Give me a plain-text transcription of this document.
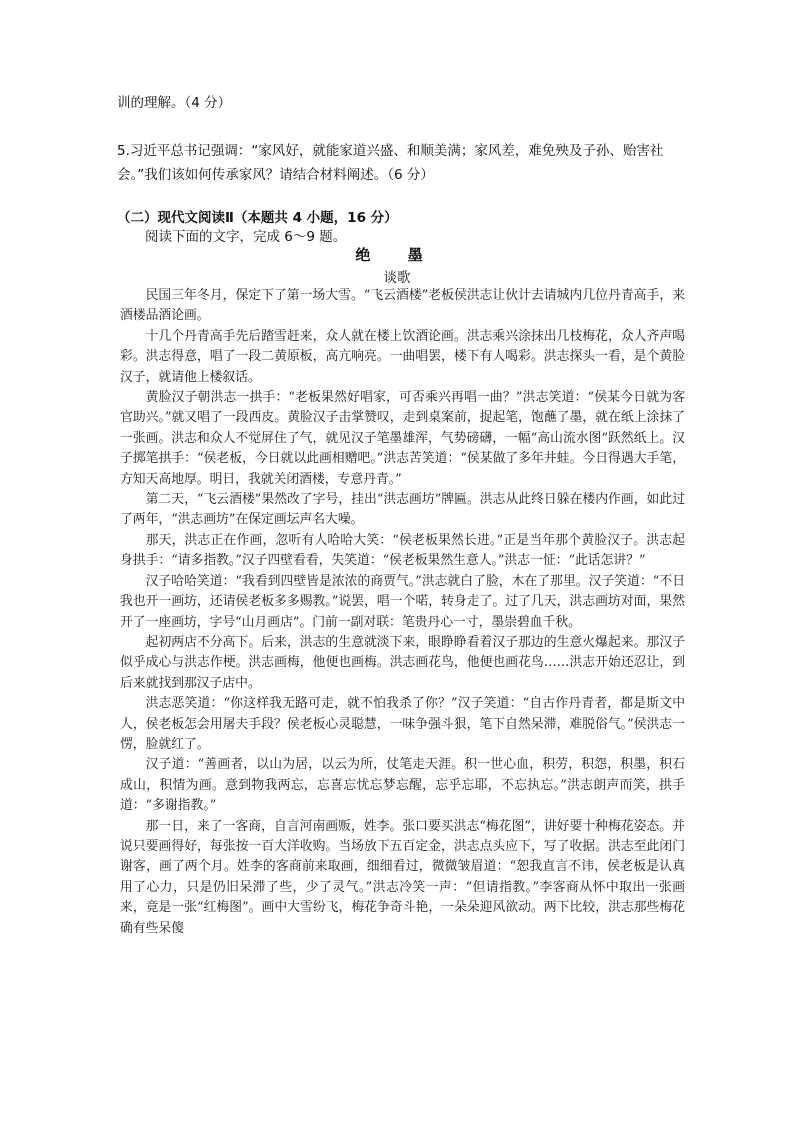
训的理解。（4 分）

5.习近平总书记强调：“家风好，就能家道兴盛、和顺美满；家风差，难免殃及子孙、贻害社会。”我们该如何传承家风？请结合材料阐述。（6 分）

（二）现代文阅读Ⅱ（本题共 4 小题，16 分）

阅读下面的文字，完成 6～9 题。

绝 墨

谈歌

民国三年冬月，保定下了第一场大雪。“飞云酒楼”老板侯洪志让伙计去请城内几位丹青高手，来酒楼品酒论画。

十几个丹青高手先后踏雪赶来，众人就在楼上饮酒论画。洪志乘兴涂抹出几枝梅花，众人齐声喝彩。洪志得意，唱了一段二黄原板，高亢响亮。一曲唱罢，楼下有人喝彩。洪志探头一看，是个黄脸汉子，就请他上楼叙话。

黄脸汉子朝洪志一拱手：“老板果然好唱家，可否乘兴再唱一曲？”洪志笑道：“侯某今日就为客官助兴。”就又唱了一段西皮。黄脸汉子击掌赞叹，走到桌案前，捉起笔，饱蘸了墨，就在纸上涂抹了一张画。洪志和众人不觉屏住了气，就见汉子笔墨雄浑，气势磅礴，一幅“高山流水图”跃然纸上。汉子掷笔拱手：“侯老板，今日就以此画相赠吧。”洪志苦笑道：“侯某做了多年井蛙。今日得遇大手笔，方知天高地厚。明日，我就关闭酒楼，专意丹青。”

第二天，“飞云酒楼”果然改了字号，挂出“洪志画坊”牌匾。洪志从此终日躲在楼内作画，如此过了两年，“洪志画坊”在保定画坛声名大噪。

那天，洪志正在作画，忽听有人哈哈大笑：“侯老板果然长进。”正是当年那个黄脸汉子。洪志起身拱手：“请多指教。”汉子四壁看看，失笑道：“侯老板果然生意人。”洪志一怔：“此话怎讲？”

汉子哈哈笑道：“我看到四壁皆是浓浓的商贾气。”洪志就白了脸，木在了那里。汉子笑道：“不日我也开一画坊，还请侯老板多多赐教。”说罢，唱一个喏，转身走了。过了几天，洪志画坊对面，果然开了一座画坊，字号“山月画店”。门前一副对联：笔贵丹心一寸，墨崇碧血千秋。

起初两店不分高下。后来，洪志的生意就淡下来，眼睁睁看着汉子那边的生意火爆起来。那汉子似乎成心与洪志作梗。洪志画梅，他便也画梅。洪志画花鸟，他便也画花鸟……洪志开始还忍让，到后来就找到那汉子店中。

洪志恶笑道：“你这样我无路可走，就不怕我杀了你？”汉子笑道：“自古作丹青者，都是斯文中人，侯老板怎会用屠夫手段？侯老板心灵聪慧，一味争强斗狠，笔下自然呆滞，难脱俗气。”侯洪志一愣，脸就红了。

汉子道：“善画者，以山为居，以云为所，仗笔走天涯。积一世心血，积劳，积怨，积墨，积石成山，积情为画。意到物我两忘，忘喜忘忧忘梦忘醒，忘乎忘耶，不忘执忘。”洪志朗声而笑，拱手道：“多谢指教。”

那一日，来了一客商，自言河南画贩，姓李。张口要买洪志“梅花图”，讲好要十种梅花姿态。并说只要画得好，每张按一百大洋收购。当场放下五百定金，洪志点头应下，写了收据。洪志至此闭门谢客，画了两个月。姓李的客商前来取画，细细看过，微微皱眉道：“恕我直言不讳，侯老板是认真用了心力，只是仍旧呆滞了些，少了灵气。”洪志冷笑一声：“但请指教。”李客商从怀中取出一张画来，竟是一张“红梅图”。画中大雪纷飞，梅花争奇斗艳，一朵朵迎风欲动。两下比较，洪志那些梅花确有些呆傻
